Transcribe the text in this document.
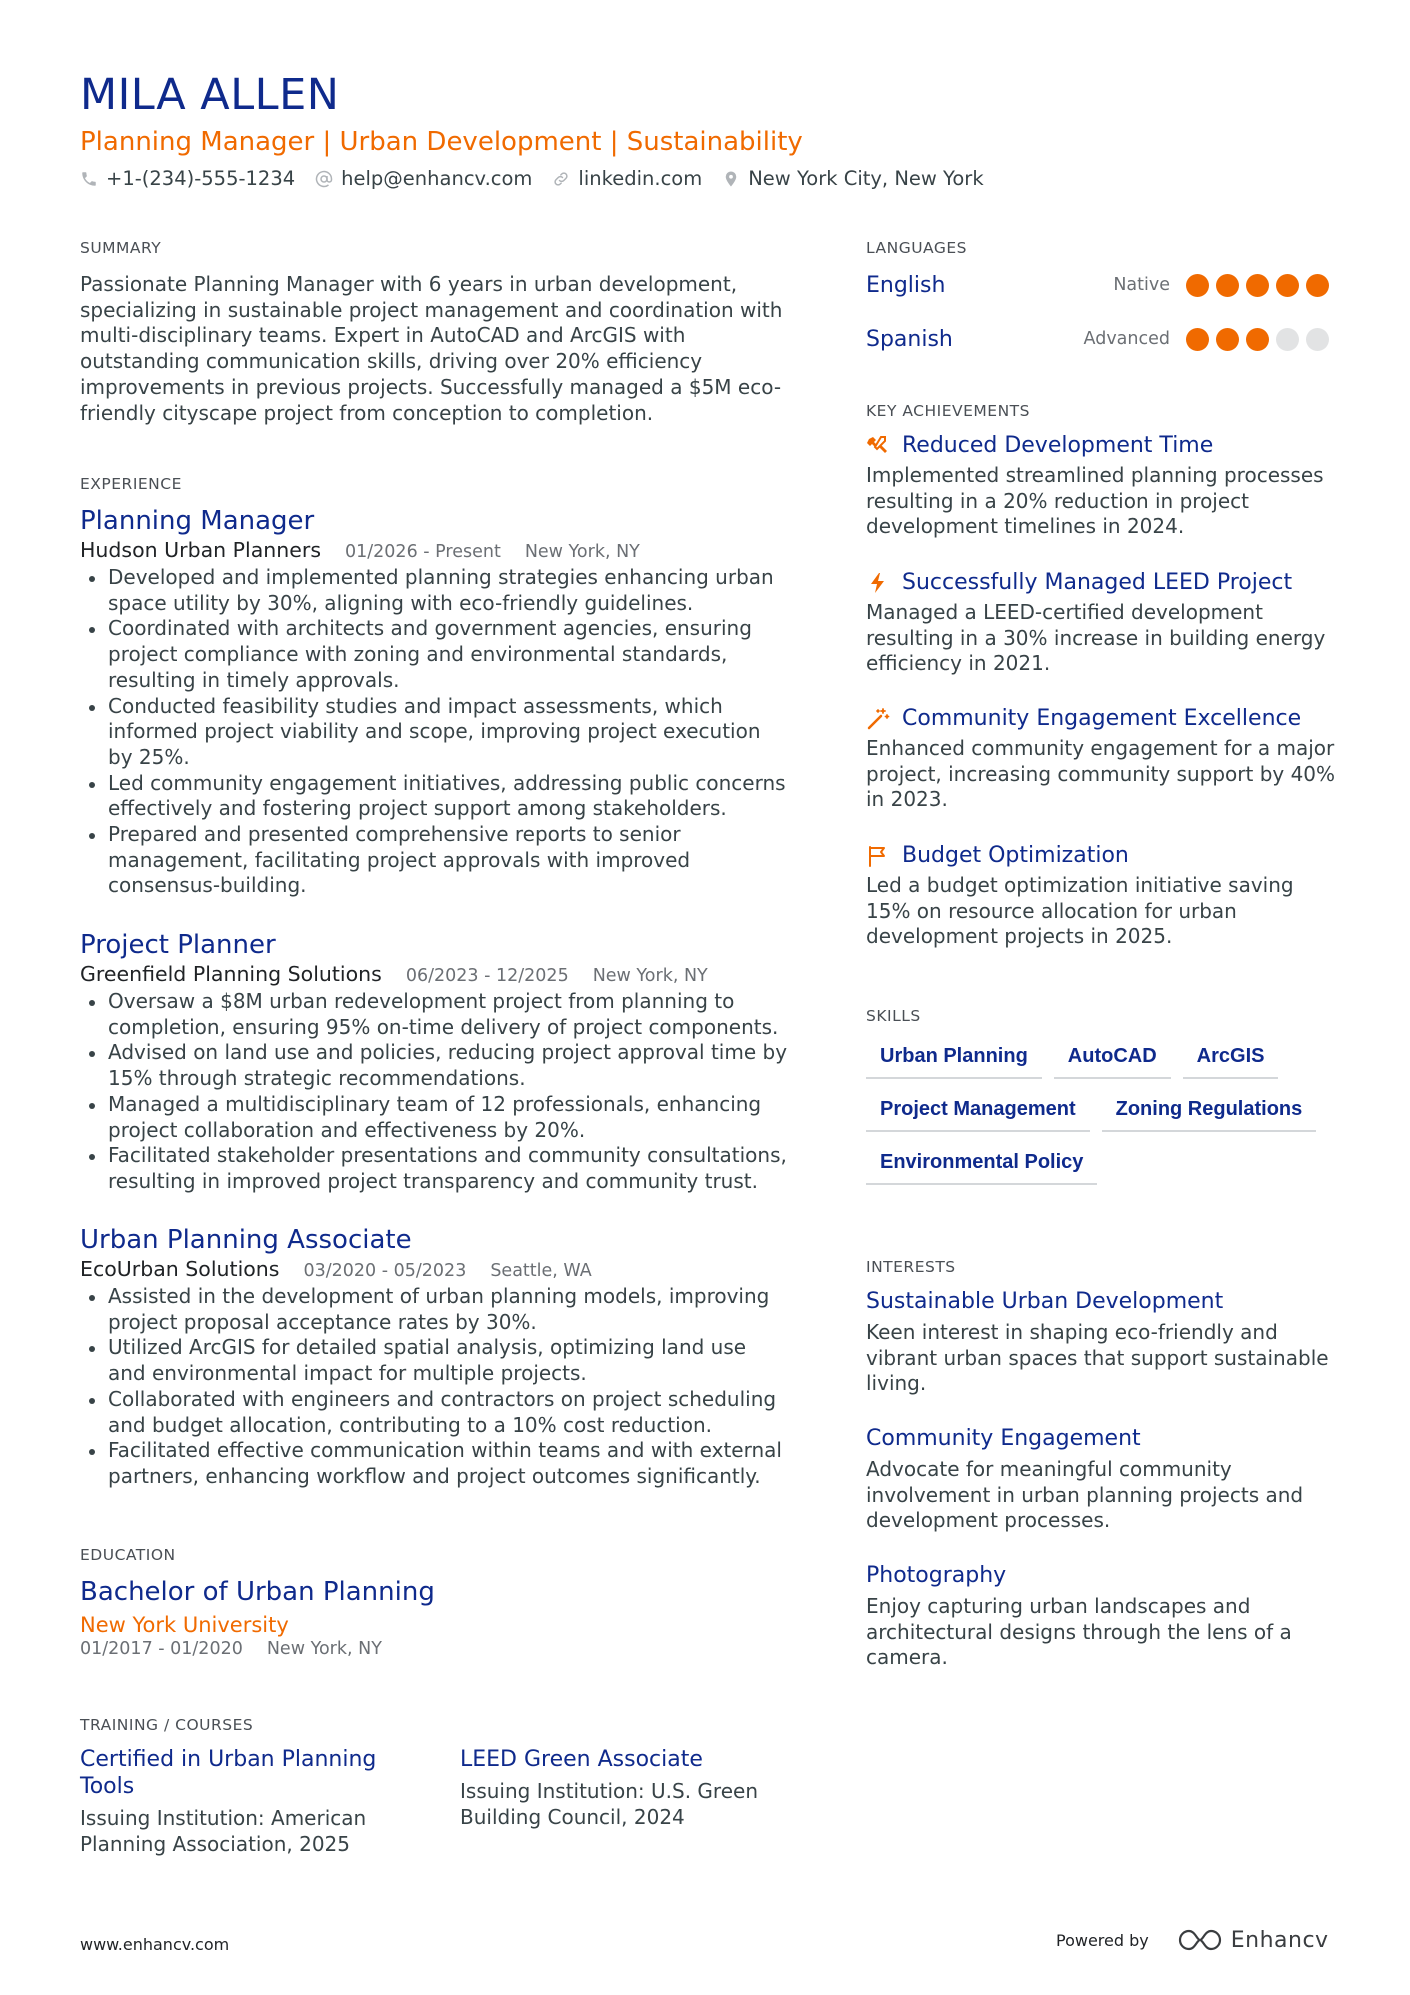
MILA ALLEN
Planning Manager | Urban Development | Sustainability
+1-(234)-555-1234 help@enhancv.com linkedin.com New York City, New York
SUMMARY
Passionate Planning Manager with 6 years in urban development, specializing in sustainable project management and coordination with multi-disciplinary teams. Expert in AutoCAD and ArcGIS with outstanding communication skills, driving over 20% efficiency improvements in previous projects. Successfully managed a $5M eco-friendly cityscape project from conception to completion.
EXPERIENCE
Planning Manager
Hudson Urban Planners 01/2026 - Present New York, NY
Developed and implemented planning strategies enhancing urban space utility by 30%, aligning with eco-friendly guidelines.
Coordinated with architects and government agencies, ensuring project compliance with zoning and environmental standards, resulting in timely approvals.
Conducted feasibility studies and impact assessments, which informed project viability and scope, improving project execution by 25%.
Led community engagement initiatives, addressing public concerns effectively and fostering project support among stakeholders.
Prepared and presented comprehensive reports to senior management, facilitating project approvals with improved consensus-building.
Project Planner
Greenfield Planning Solutions 06/2023 - 12/2025 New York, NY
Oversaw a $8M urban redevelopment project from planning to completion, ensuring 95% on-time delivery of project components.
Advised on land use and policies, reducing project approval time by 15% through strategic recommendations.
Managed a multidisciplinary team of 12 professionals, enhancing project collaboration and effectiveness by 20%.
Facilitated stakeholder presentations and community consultations, resulting in improved project transparency and community trust.
Urban Planning Associate
EcoUrban Solutions 03/2020 - 05/2023 Seattle, WA
Assisted in the development of urban planning models, improving project proposal acceptance rates by 30%.
Utilized ArcGIS for detailed spatial analysis, optimizing land use and environmental impact for multiple projects.
Collaborated with engineers and contractors on project scheduling and budget allocation, contributing to a 10% cost reduction.
Facilitated effective communication within teams and with external partners, enhancing workflow and project outcomes significantly.
EDUCATION
Bachelor of Urban Planning
New York University
01/2017 - 01/2020 New York, NY
TRAINING / COURSES
Certified in Urban Planning Tools
Issuing Institution: American Planning Association, 2025
LEED Green Associate
Issuing Institution: U.S. Green Building Council, 2024
LANGUAGES
English	Native
Spanish	Advanced
KEY ACHIEVEMENTS
Reduced Development Time
Implemented streamlined planning processes resulting in a 20% reduction in project development timelines in 2024.
Successfully Managed LEED Project
Managed a LEED-certified development resulting in a 30% increase in building energy efficiency in 2021.
Community Engagement Excellence
Enhanced community engagement for a major project, increasing community support by 40% in 2023.
Budget Optimization
Led a budget optimization initiative saving 15% on resource allocation for urban development projects in 2025.
SKILLS
Urban Planning	AutoCAD	ArcGIS
Project Management	Zoning Regulations
Environmental Policy
INTERESTS
Sustainable Urban Development
Keen interest in shaping eco-friendly and vibrant urban spaces that support sustainable living.
Community Engagement
Advocate for meaningful community involvement in urban planning projects and development processes.
Photography
Enjoy capturing urban landscapes and architectural designs through the lens of a camera.
www.enhancv.com	Powered by	Enhancv
